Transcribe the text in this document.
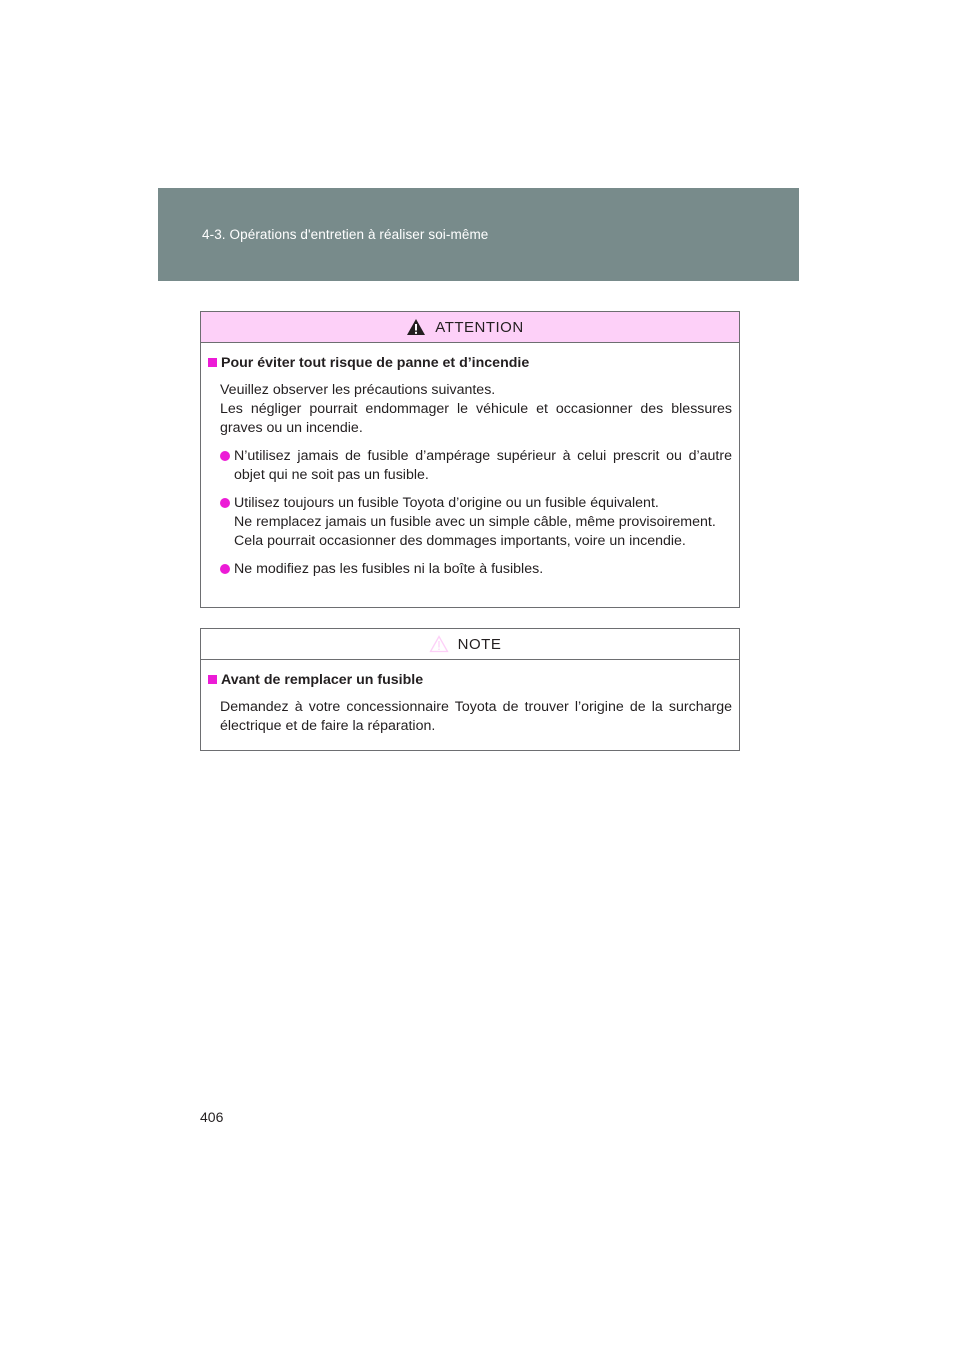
4-3. Opérations d'entretien à réaliser soi-même
ATTENTION
Pour éviter tout risque de panne et d’incendie
Veuillez observer les précautions suivantes.
Les négliger pourrait endommager le véhicule et occasionner des blessures graves ou un incendie.
N’utilisez jamais de fusible d’ampérage supérieur à celui prescrit ou d’autre objet qui ne soit pas un fusible.
Utilisez toujours un fusible Toyota d’origine ou un fusible équivalent.
Ne remplacez jamais un fusible avec un simple câble, même provisoirement.
Cela pourrait occasionner des dommages importants, voire un incendie.
Ne modifiez pas les fusibles ni la boîte à fusibles.
NOTE
Avant de remplacer un fusible
Demandez à votre concessionnaire Toyota de trouver l’origine de la surcharge électrique et de faire la réparation.
406
